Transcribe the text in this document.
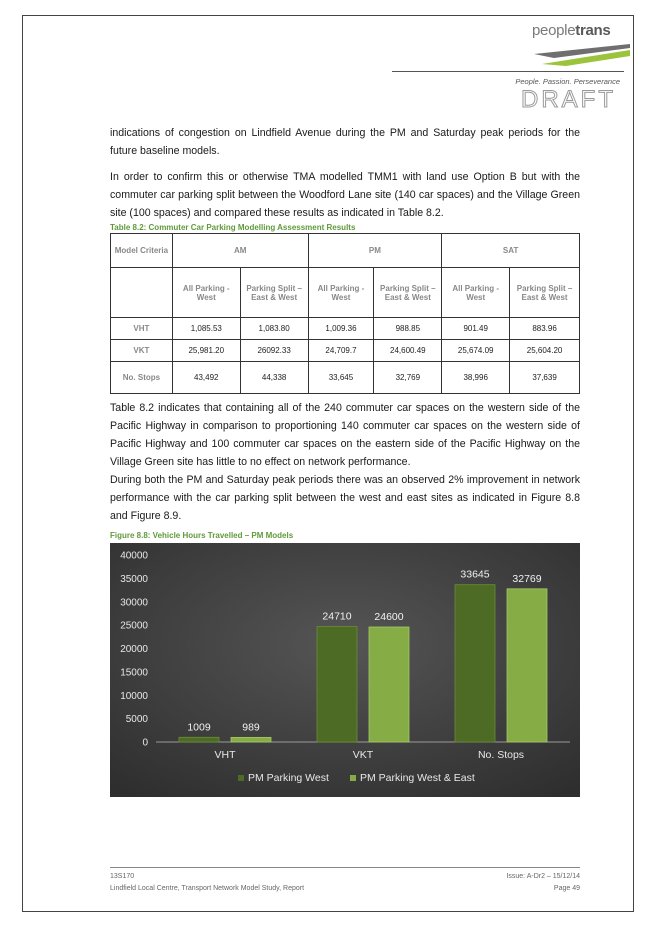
peopletrans
People. Passion. Perseverance
DRAFT
indications of congestion on Lindfield Avenue during the PM and Saturday peak periods for the future baseline models.
In order to confirm this or otherwise TMA modelled TMM1 with land use Option B but with the commuter car parking split between the Woodford Lane site (140 car spaces) and the Village Green site (100 spaces) and compared these results as indicated in Table 8.2.
Table 8.2: Commuter Car Parking Modelling Assessment Results
Model Criteria	AM		PM		SAT	
	All Parking - West	Parking Split – East & West	All Parking - West	Parking Split – East & West	All Parking - West	Parking Split – East & West
VHT	1,085.53	1,083.80	1,009.36	988.85	901.49	883.96
VKT	25,981.20	26092.33	24,709.7	24,600.49	25,674.09	25,604.20
No. Stops	43,492	44,338	33,645	32,769	38,996	37,639
Table 8.2 indicates that containing all of the 240 commuter car spaces on the western side of the Pacific Highway in comparison to proportioning 140 commuter car spaces on the western side of Pacific Highway and 100 commuter car spaces on the eastern side of the Pacific Highway on the Village Green site has little to no effect on network performance.
During both the PM and Saturday peak periods there was an observed 2% improvement in network performance with the car parking split between the west and east sites as indicated in Figure 8.8 and Figure 8.9.
Figure 8.8: Vehicle Hours Travelled – PM Models
0
5000
10000
15000
20000
25000
30000
35000
40000
1009	989
24710 24600
33645 32769
VHT	VKT	No. Stops
PM Parking West	PM Parking West & East
13S170	Issue: A-Dr2 – 15/12/14
Lindfield Local Centre, Transport Network Model Study, Report	Page 49
